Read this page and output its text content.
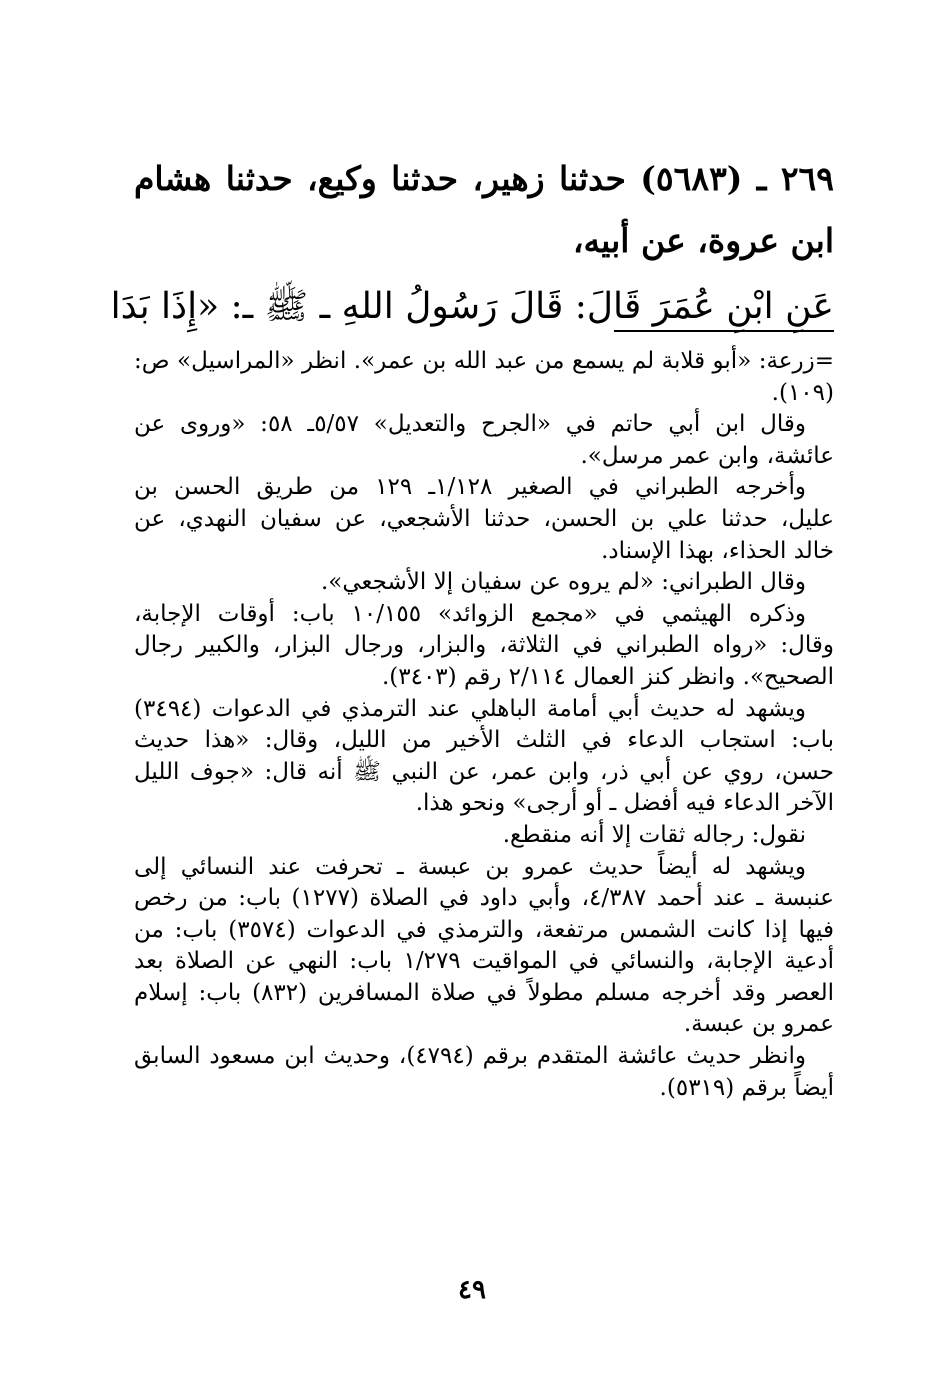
٢٦٩ ـ (٥٦٨٣) حدثنا زهير، حدثنا وكيع، حدثنا هشام
ابن عروة، عن أبيه،
عَنِ ابْنِ عُمَرَ قَالَ: قَالَ رَسُولُ اللهِ ـ ﷺ ـ: «إِذَا بَدَا
=زرعة: «أبو قلابة لم يسمع من عبد الله بن عمر». انظر «المراسيل» ص:
(١٠٩).
وقال ابن أبي حاتم في «الجرح والتعديل» ٥/٥٧ـ ٥٨: «وروى عن
عائشة، وابن عمر مرسل».
وأخرجه الطبراني في الصغير ١/١٢٨ـ ١٢٩ من طريق الحسن بن
عليل، حدثنا علي بن الحسن، حدثنا الأشجعي، عن سفيان النهدي، عن
خالد الحذاء، بهذا الإسناد.
وقال الطبراني: «لم يروه عن سفيان إلا الأشجعي».
وذكره الهيثمي في «مجمع الزوائد» ١٠/١٥٥ باب: أوقات الإجابة،
وقال: «رواه الطبراني في الثلاثة، والبزار، ورجال البزار، والكبير رجال
الصحيح». وانظر كنز العمال ٢/١١٤ رقم (٣٤٠٣).
ويشهد له حديث أبي أمامة الباهلي عند الترمذي في الدعوات (٣٤٩٤)
باب: استجاب الدعاء في الثلث الأخير من الليل، وقال: «هذا حديث
حسن، روي عن أبي ذر، وابن عمر، عن النبي ﷺ أنه قال: «جوف الليل
الآخر الدعاء فيه أفضل ـ أو أرجى» ونحو هذا.
نقول: رجاله ثقات إلا أنه منقطع.
ويشهد له أيضاً حديث عمرو بن عبسة ـ تحرفت عند النسائي إلى
عنبسة ـ عند أحمد ٤/٣٨٧، وأبي داود في الصلاة (١٢٧٧) باب: من رخص
فيها إذا كانت الشمس مرتفعة، والترمذي في الدعوات (٣٥٧٤) باب: من
أدعية الإجابة، والنسائي في المواقيت ١/٢٧٩ باب: النهي عن الصلاة بعد
العصر وقد أخرجه مسلم مطولاً في صلاة المسافرين (٨٣٢) باب: إسلام
عمرو بن عبسة.
وانظر حديث عائشة المتقدم برقم (٤٧٩٤)، وحديث ابن مسعود السابق
أيضاً برقم (٥٣١٩).
٤٩
